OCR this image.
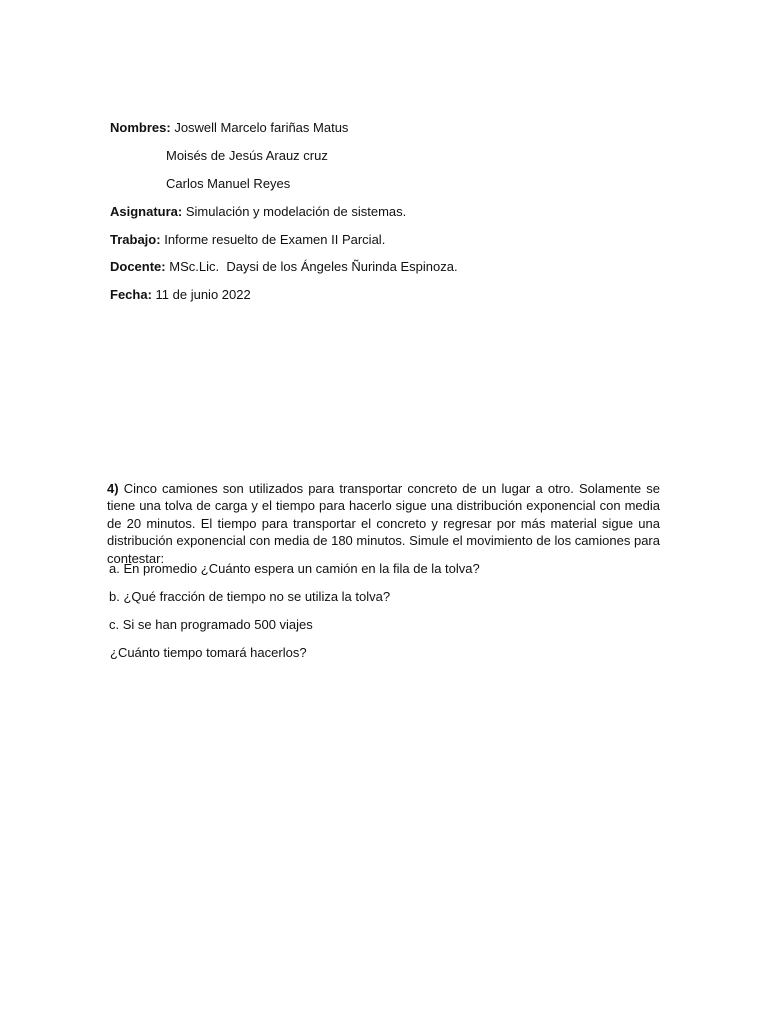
Nombres: Joswell Marcelo fariñas Matus
Moisés de Jesús Arauz cruz
Carlos Manuel Reyes
Asignatura: Simulación y modelación de sistemas.
Trabajo: Informe resuelto de Examen II Parcial.
Docente: MSc.Lic.  Daysi de los Ángeles Ñurinda Espinoza.
Fecha: 11 de junio 2022
4) Cinco camiones son utilizados para transportar concreto de un lugar a otro. Solamente se tiene una tolva de carga y el tiempo para hacerlo sigue una distribución exponencial con media de 20 minutos. El tiempo para transportar el concreto y regresar por más material sigue una distribución exponencial con media de 180 minutos. Simule el movimiento de los camiones para contestar:
a. En promedio ¿Cuánto espera un camión en la fila de la tolva?
b. ¿Qué fracción de tiempo no se utiliza la tolva?
c. Si se han programado 500 viajes
¿Cuánto tiempo tomará hacerlos?
